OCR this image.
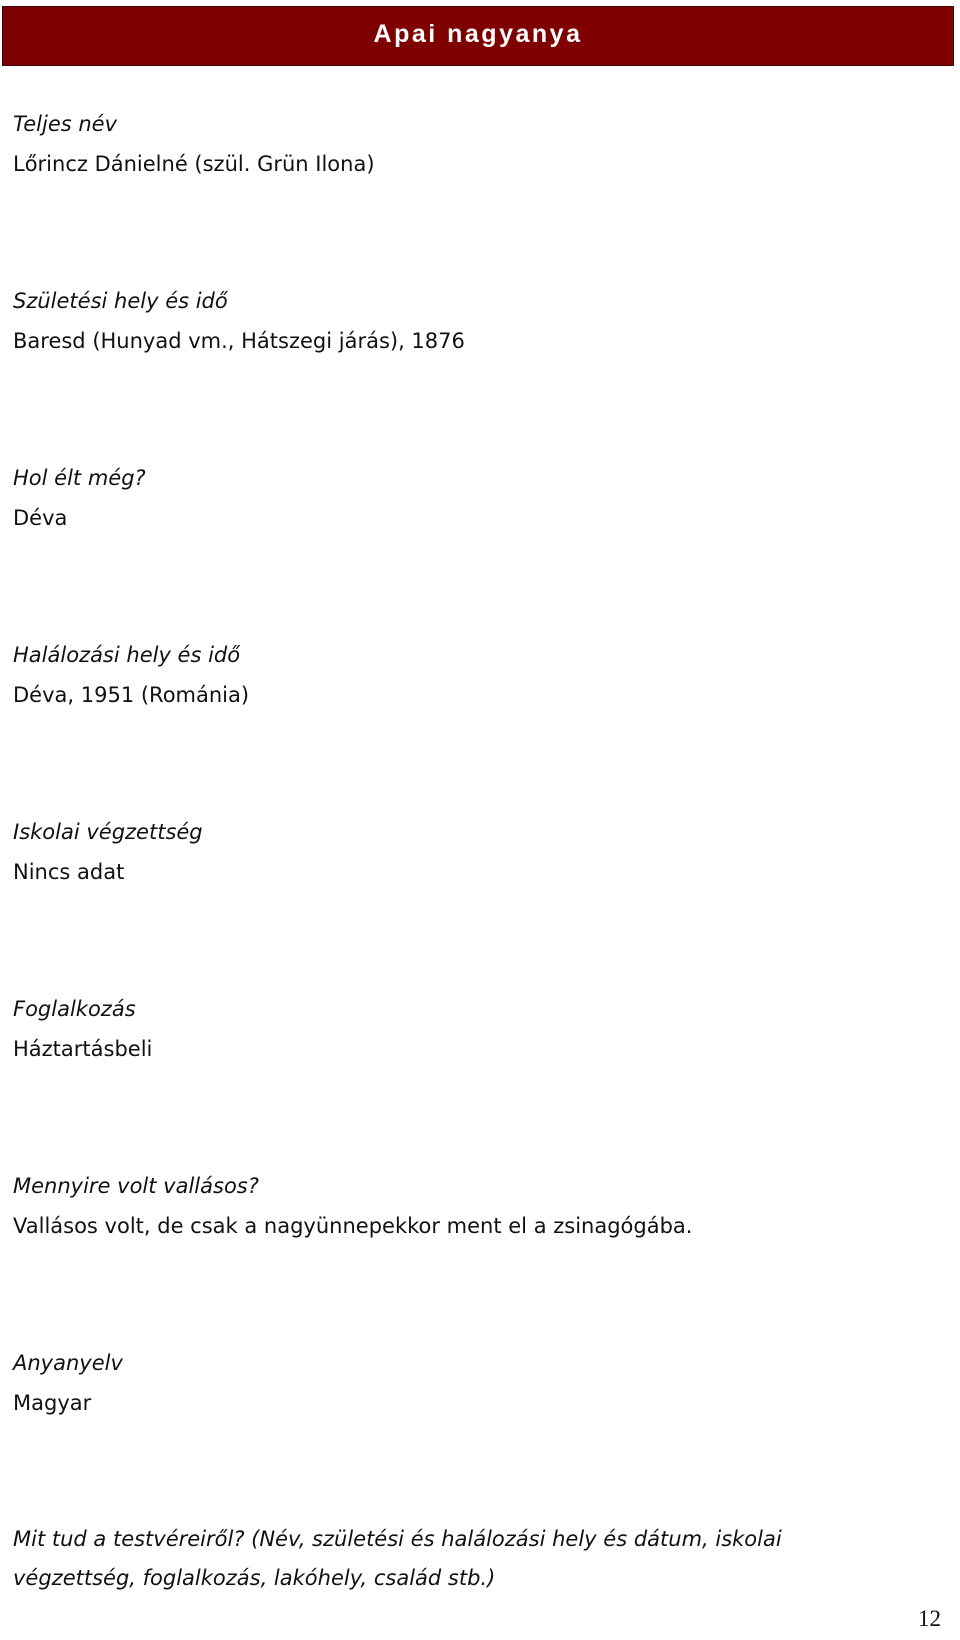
Apai nagyanya
Teljes név
Lőrincz Dánielné (szül. Grün Ilona)
Születési hely és idő
Baresd (Hunyad vm., Hátszegi járás), 1876
Hol élt még?
Déva
Halálozási hely és idő
Déva, 1951 (Románia)
Iskolai végzettség
Nincs adat
Foglalkozás
Háztartásbeli
Mennyire volt vallásos?
Vallásos volt, de csak a nagyünnepekkor ment el a zsinagógába.
Anyanyelv
Magyar
Mit tud a testvéreiről? (Név, születési és halálozási hely és dátum, iskolai végzettség, foglalkozás, lakóhely, család stb.)
12
